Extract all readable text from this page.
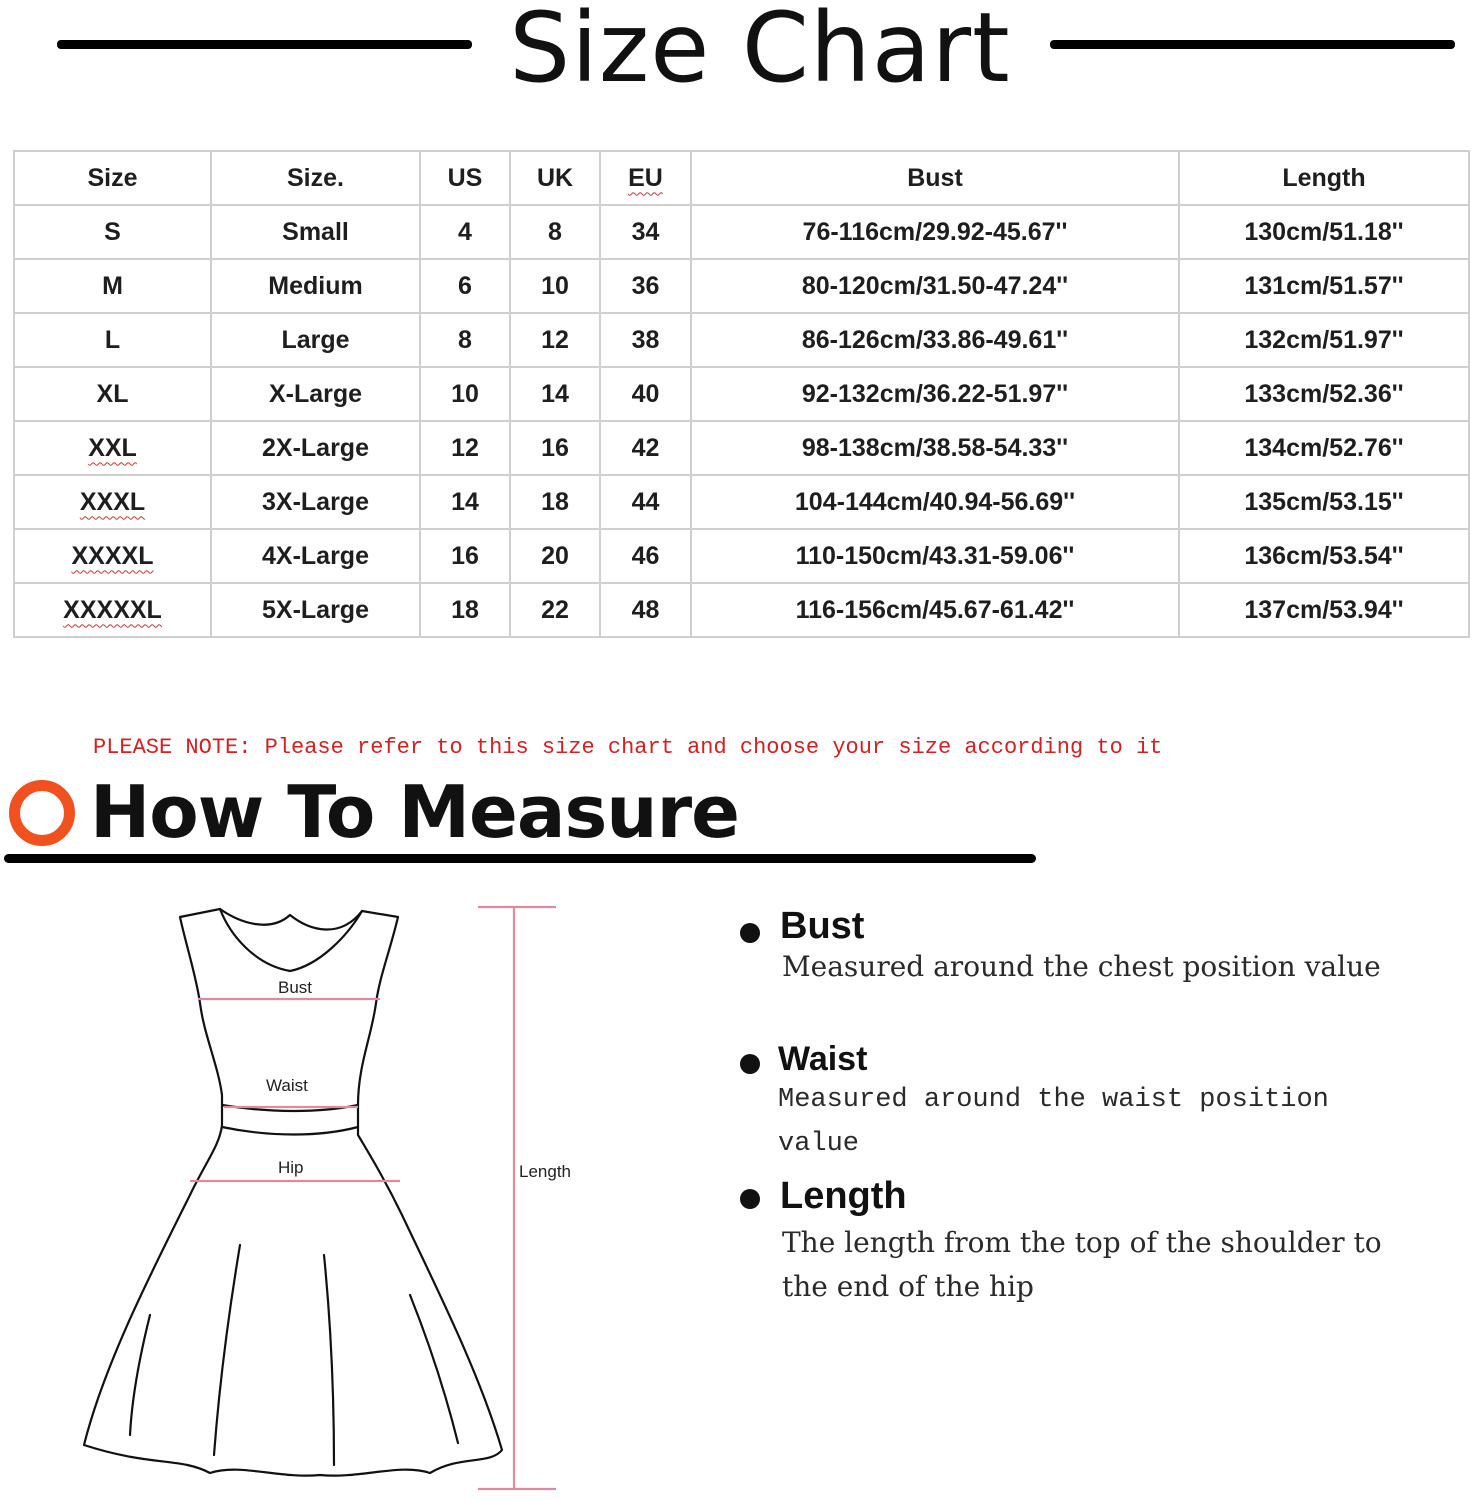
Size Chart
Size	Size.	US	UK	EU	Bust	Length
S	Small	4	8	34	76-116cm/29.92-45.67''	130cm/51.18''
M	Medium	6	10	36	80-120cm/31.50-47.24''	131cm/51.57''
L	Large	8	12	38	86-126cm/33.86-49.61''	132cm/51.97''
XL	X-Large	10	14	40	92-132cm/36.22-51.97''	133cm/52.36''
XXL	2X-Large	12	16	42	98-138cm/38.58-54.33''	134cm/52.76''
XXXL	3X-Large	14	18	44	104-144cm/40.94-56.69''	135cm/53.15''
XXXXL	4X-Large	16	20	46	110-150cm/43.31-59.06''	136cm/53.54''
XXXXXL	5X-Large	18	22	48	116-156cm/45.67-61.42''	137cm/53.94''
PLEASE NOTE: Please refer to this size chart and choose your size according to it
How To Measure
Bust
Waist
Hip	Length
Bust
Measured around the chest position value
Waist
Measured around the waist position value
Length
The length from the top of the shoulder to the end of the hip
